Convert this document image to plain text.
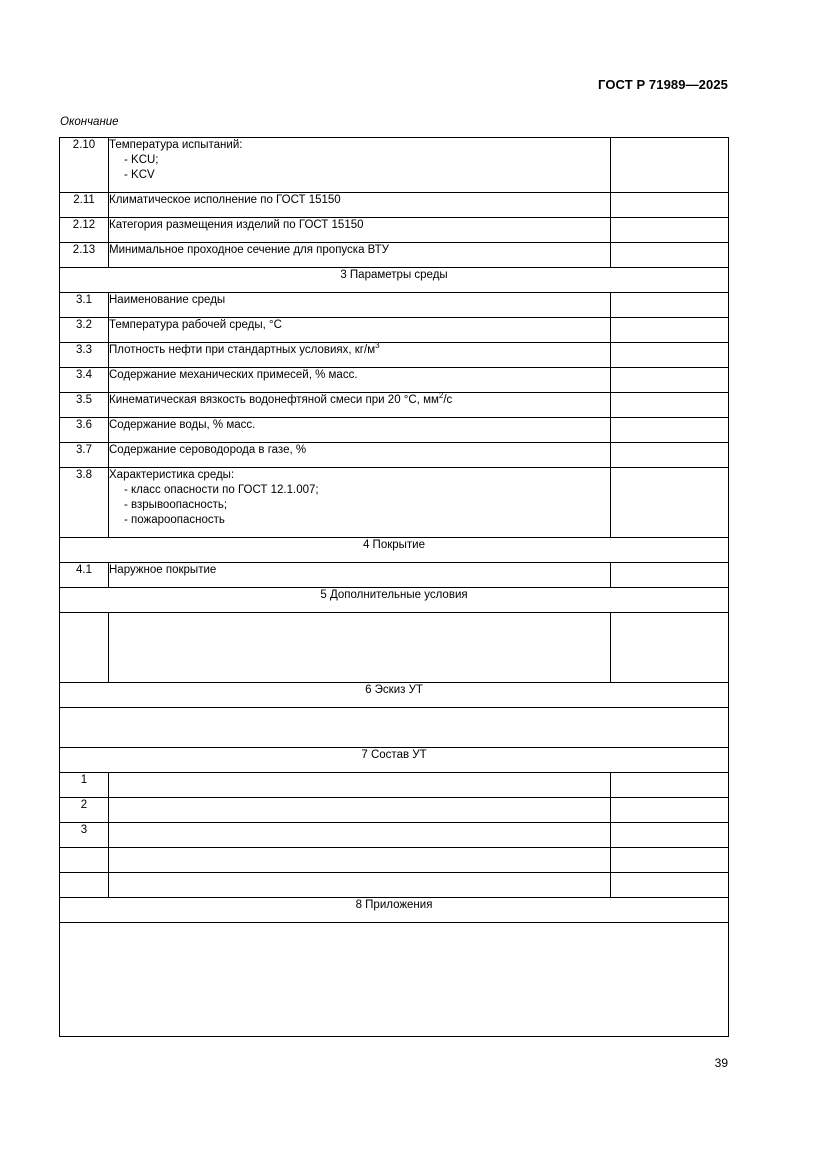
ГОСТ Р 71989—2025
Окончание
2.10	Температура испытаний:
- KCU;
- KCV	

2.11	Климатическое исполнение по ГОСТ 15150	
2.12	Категория размещения изделий по ГОСТ 15150	
2.13	Минимальное проходное сечение для пропуска ВТУ	
3 Параметры среды		
3.1	Наименование среды	
3.2	Температура рабочей среды, °С	
3.3	Плотность нефти при стандартных условиях, $кг/м^3$	
3.4	Содержание механических примесей, % масс.	
3.5	Кинематическая вязкость водонефтяной смеси при 20 °С, $мм^2/с$	
3.6	Содержание воды, % масс.	
3.7	Содержание сероводорода в газе, %	
3.8	Характеристика среды:
- класс опасности по ГОСТ 12.1.007;
- взрывоопасность;
- пожароопасность	

4 Покрытие		
4.1	Наружное покрытие	
5 Дополнительные условия		

6 Эскиз УТ		

7 Состав УТ		
1		
2		
3		

8 Приложения		

39
